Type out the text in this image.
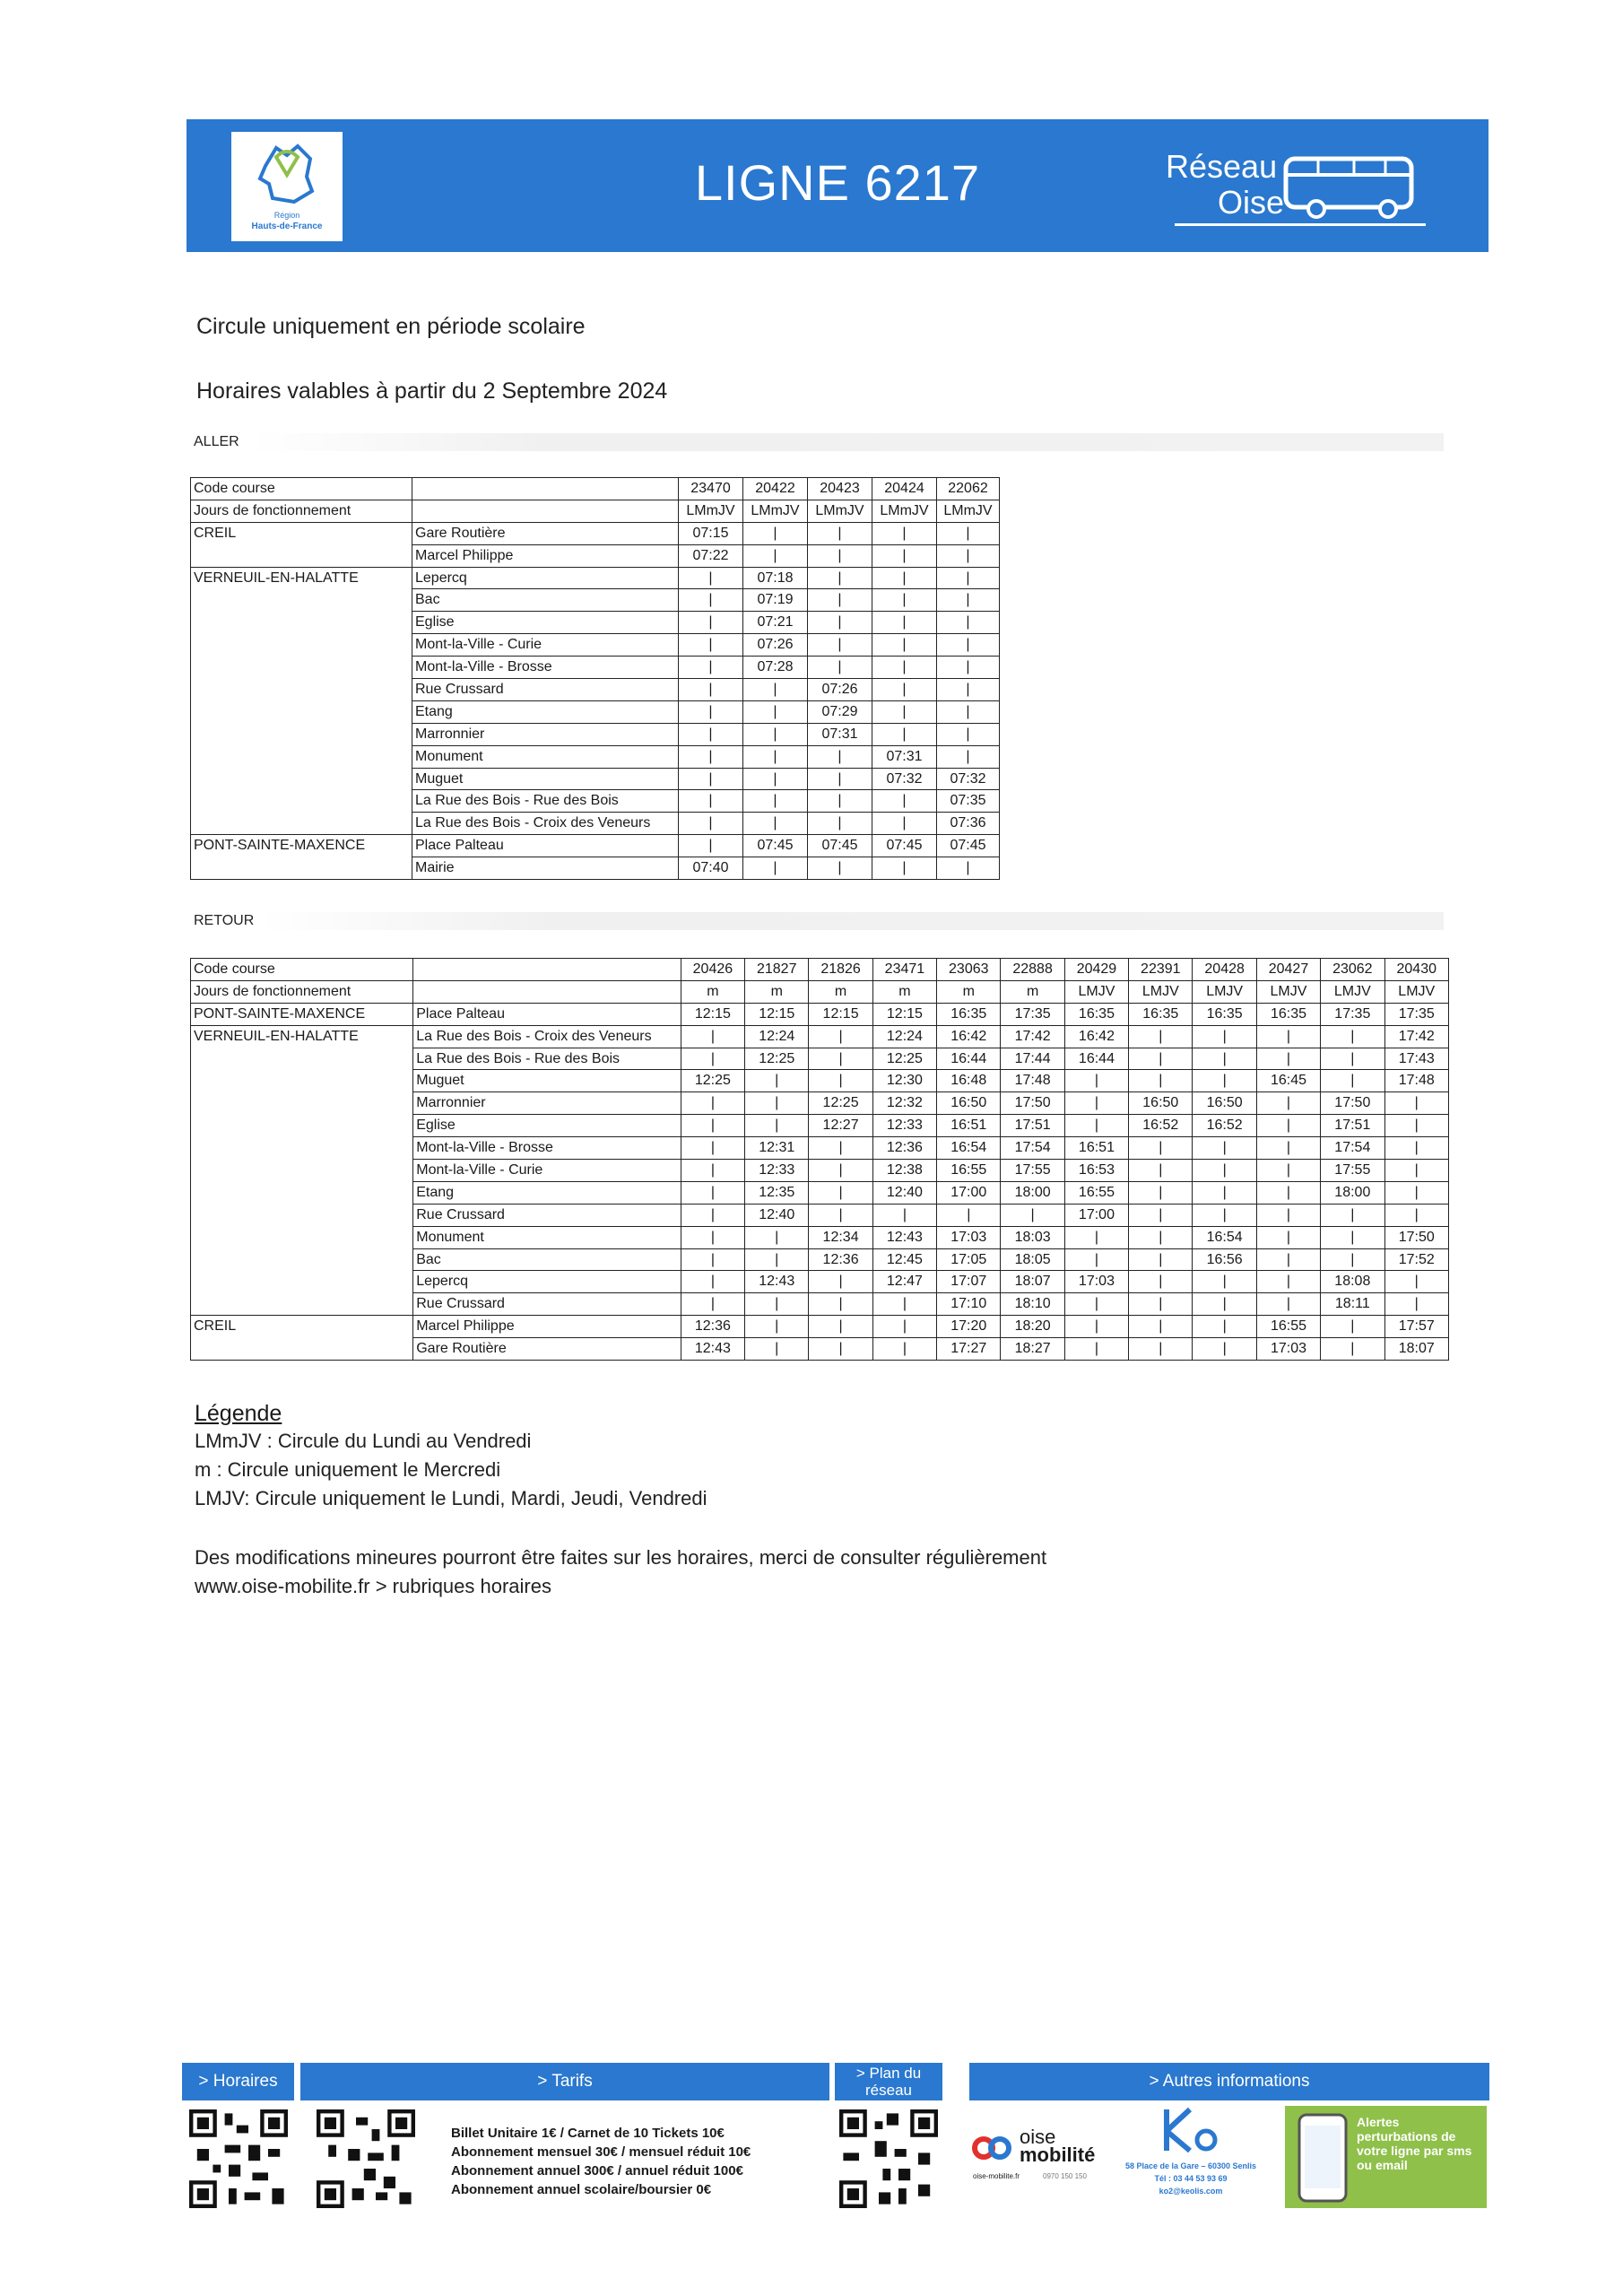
Région
Hauts-de-France
LIGNE 6217	Réseau
Oise
Circule uniquement en période scolaire
Horaires valables à partir du 2 Septembre 2024
ALLER
Code course		23470	20422	20423	20424	22062
Jours de fonctionnement		LMmJV	LMmJV	LMmJV	LMmJV	LMmJV
CREIL	Gare Routière	07:15	|	|	|	|
	Marcel Philippe	07:22	|	|	|	|
VERNEUIL-EN-HALATTE	Lepercq	|	07:18	|	|	|
	Bac	|	07:19	|	|	|
	Eglise	|	07:21	|	|	|
	Mont-la-Ville - Curie	|	07:26	|	|	|
	Mont-la-Ville - Brosse	|	07:28	|	|	|
	Rue Crussard	|	|	07:26	|	|
	Etang	|	|	07:29	|	|
	Marronnier	|	|	07:31	|	|
	Monument	|	|	|	07:31	|
	Muguet	|	|	|	07:32	07:32
	La Rue des Bois - Rue des Bois	|	|	|	|	07:35
	La Rue des Bois - Croix des Veneurs	|	|	|	|	07:36
PONT-SAINTE-MAXENCE	Place Palteau	|	07:45	07:45	07:45	07:45
	Mairie	07:40	|	|	|	|
RETOUR
Code course		20426	21827	21826	23471	23063	22888	20429	22391	20428	20427	23062	20430
Jours de fonctionnement		m	m	m	m	m	m	LMJV	LMJV	LMJV	LMJV	LMJV	LMJV
PONT-SAINTE-MAXENCE	Place Palteau	12:15	12:15	12:15	12:15	16:35	17:35	16:35	16:35	16:35	16:35	17:35	17:35
VERNEUIL-EN-HALATTE	La Rue des Bois - Croix des Veneurs	|	12:24	|	12:24	16:42	17:42	16:42	|	|	|	|	17:42
	La Rue des Bois - Rue des Bois	|	12:25	|	12:25	16:44	17:44	16:44	|	|	|	|	17:43
	Muguet	12:25	|	|	12:30	16:48	17:48	|	|	|	16:45	|	17:48
	Marronnier	|	|	12:25	12:32	16:50	17:50	|	16:50	16:50	|	17:50	|
	Eglise	|	|	12:27	12:33	16:51	17:51	|	16:52	16:52	|	17:51	|
	Mont-la-Ville - Brosse	|	12:31	|	12:36	16:54	17:54	16:51	|	|	|	17:54	|
	Mont-la-Ville - Curie	|	12:33	|	12:38	16:55	17:55	16:53	|	|	|	17:55	|
	Etang	|	12:35	|	12:40	17:00	18:00	16:55	|	|	|	18:00	|
	Rue Crussard	|	12:40	|	|	|	|	17:00	|	|	|	|	|
	Monument	|	|	12:34	12:43	17:03	18:03	|	|	16:54	|	|	17:50
	Bac	|	|	12:36	12:45	17:05	18:05	|	|	16:56	|	|	17:52
	Lepercq	|	12:43	|	12:47	17:07	18:07	17:03	|	|	|	18:08	|
	Rue Crussard	|	|	|	|	17:10	18:10	|	|	|	|	18:11	|
CREIL	Marcel Philippe	12:36	|	|	|	17:20	18:20	|	|	|	16:55	|	17:57
	Gare Routière	12:43	|	|	|	17:27	18:27	|	|	|	17:03	|	18:07
Légende
LMmJV : Circule du Lundi au Vendredi
m : Circule uniquement le Mercredi
LMJV: Circule uniquement le Lundi, Mardi, Jeudi, Vendredi
Des modifications mineures pourront être faites sur les horaires, merci de consulter régulièrement
www.oise-mobilite.fr > rubriques horaires
> Horaires	> Tarifs	> Plan du réseau	> Autres informations
Billet Unitaire 1€ / Carnet de 10 Tickets 10€
Abonnement mensuel 30€ / mensuel réduit 10€
Abonnement annuel 300€ / annuel réduit 100€
Abonnement annuel scolaire/boursier 0€
oise
mobilité
oise-mobilite.fr	0970 150 150
58 Place de la Gare – 60300 Senlis
Tél : 03 44 53 93 69
ko2@keolis.com
Alertes perturbations de votre ligne par sms ou email
